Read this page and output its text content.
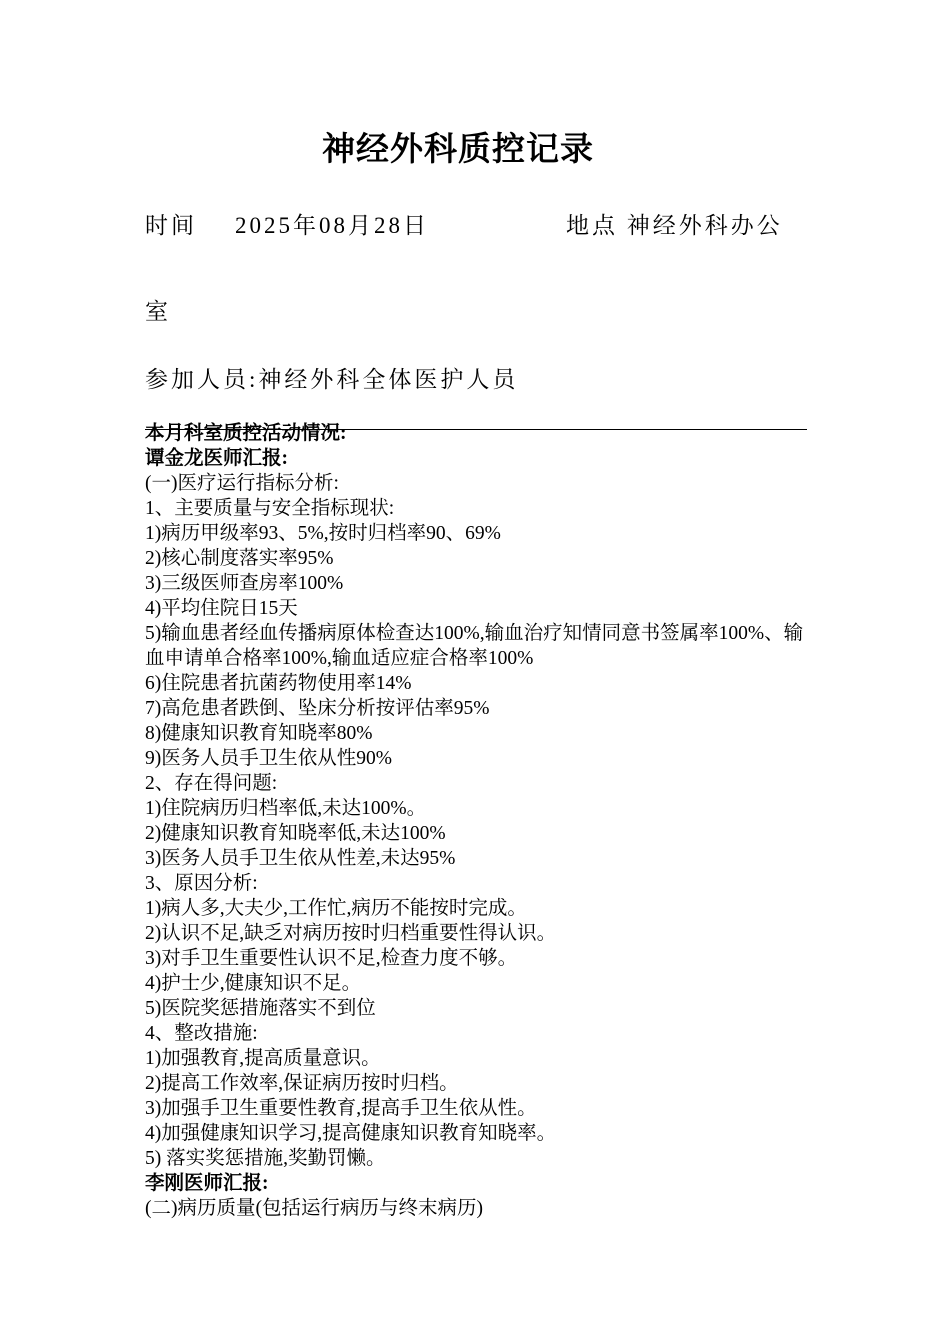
神经外科质控记录
时间 2025年08月28日	地点 神经外科办公
室
参加人员:神经外科全体医护人员
本月科室质控活动情况:
谭金龙医师汇报:
(一)医疗运行指标分析:
1、主要质量与安全指标现状:
1)病历甲级率93、5%,按时归档率90、69%
2)核心制度落实率95%
3)三级医师查房率100%
4)平均住院日15天
5)输血患者经血传播病原体检查达100%,输血治疗知情同意书签属率100%、输血申请单合格率100%,输血适应症合格率100%
6)住院患者抗菌药物使用率14%
7)高危患者跌倒、坠床分析按评估率95%
8)健康知识教育知晓率80%
9)医务人员手卫生依从性90%
2、存在得问题:
1)住院病历归档率低,未达100%。
2)健康知识教育知晓率低,未达100%
3)医务人员手卫生依从性差,未达95%
3、原因分析:
1)病人多,大夫少,工作忙,病历不能按时完成。
2)认识不足,缺乏对病历按时归档重要性得认识。
3)对手卫生重要性认识不足,检查力度不够。
4)护士少,健康知识不足。
5)医院奖惩措施落实不到位
4、整改措施:
1)加强教育,提高质量意识。
2)提高工作效率,保证病历按时归档。
3)加强手卫生重要性教育,提高手卫生依从性。
4)加强健康知识学习,提高健康知识教育知晓率。
5) 落实奖惩措施,奖勤罚懒。
李刚医师汇报:
(二)病历质量(包括运行病历与终末病历)
